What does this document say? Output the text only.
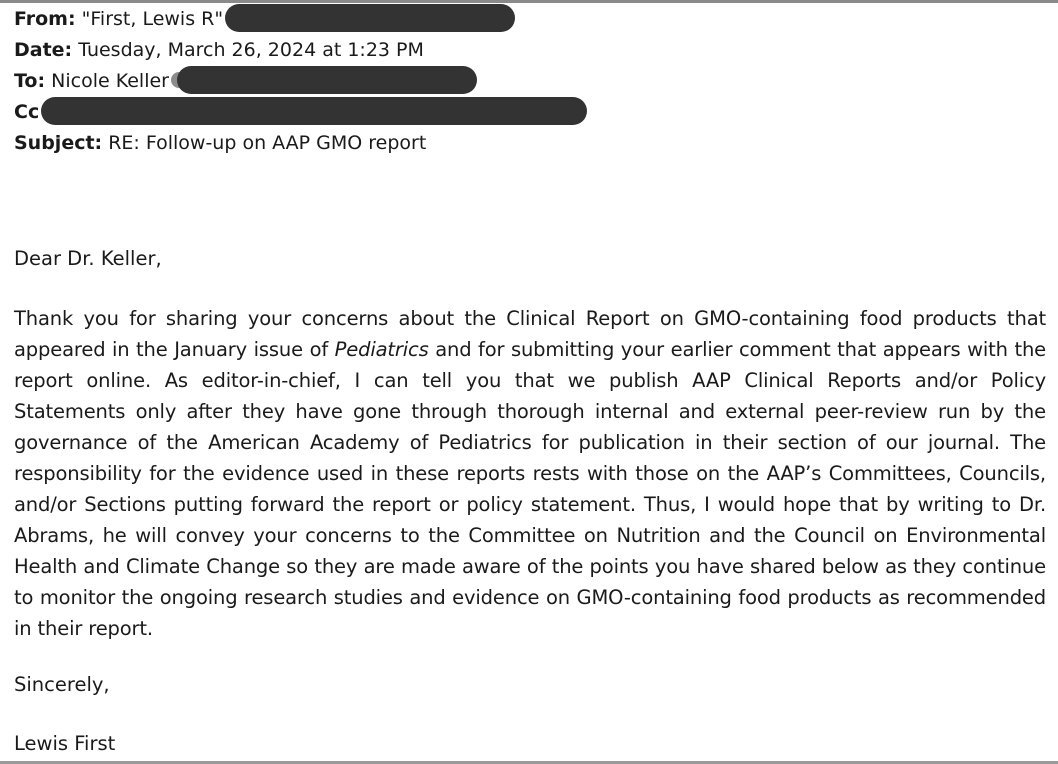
From: "First, Lewis R"
Date: Tuesday, March 26, 2024 at 1:23 PM
To: Nicole Keller
Cc
Subject: RE: Follow-up on AAP GMO report
Dear Dr. Keller,
Thank you for sharing your concerns about the Clinical Report on GMO-containing food products that appeared in the January issue of Pediatrics and for submitting your earlier comment that appears with the report online. As editor-in-chief, I can tell you that we publish AAP Clinical Reports and/or Policy Statements only after they have gone through thorough internal and external peer-review run by the governance of the American Academy of Pediatrics for publication in their section of our journal. The responsibility for the evidence used in these reports rests with those on the AAP’s Committees, Councils, and/or Sections putting forward the report or policy statement. Thus, I would hope that by writing to Dr. Abrams, he will convey your concerns to the Committee on Nutrition and the Council on Environmental Health and Climate Change so they are made aware of the points you have shared below as they continue to monitor the ongoing research studies and evidence on GMO-containing food products as recommended in their report.
Sincerely,
Lewis First
